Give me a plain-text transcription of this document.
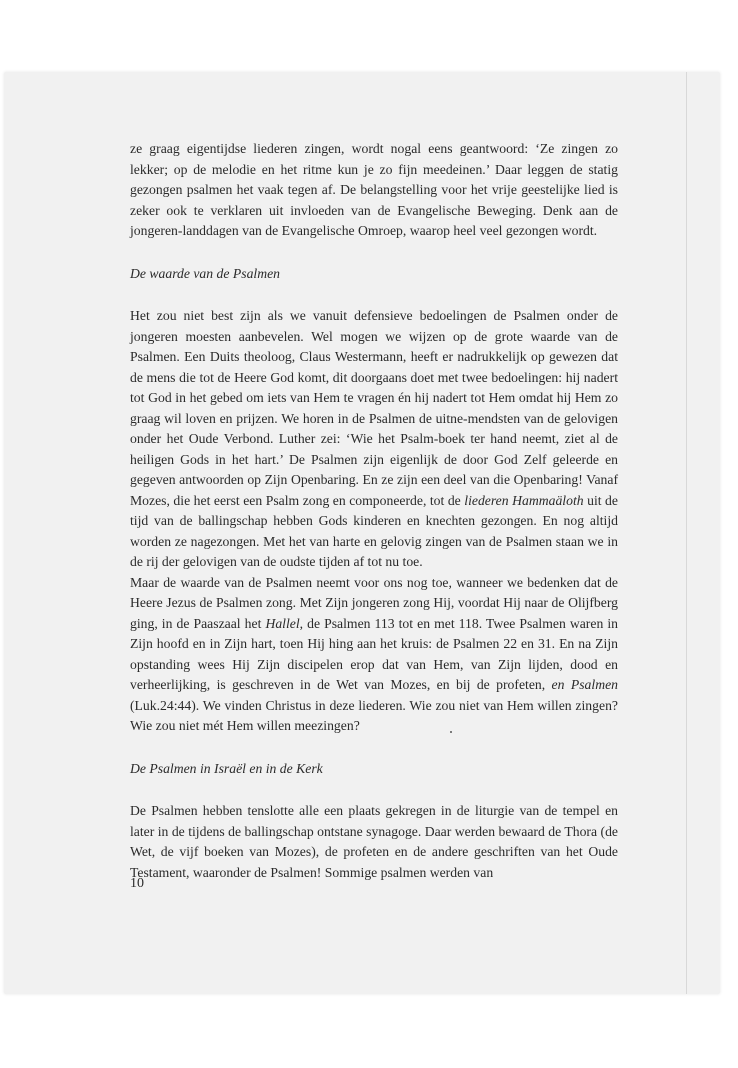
ze graag eigentijdse liederen zingen, wordt nogal eens geantwoord: ‘Ze zingen zo lekker; op de melodie en het ritme kun je zo fijn meedeinen.’ Daar leggen de statig gezongen psalmen het vaak tegen af. De belangstelling voor het vrije geestelijke lied is zeker ook te verklaren uit invloeden van de Evangelische Beweging. Denk aan de jongeren-landdagen van de Evangelische Omroep, waarop heel veel gezongen wordt.

De waarde van de Psalmen

Het zou niet best zijn als we vanuit defensieve bedoelingen de Psalmen onder de jongeren moesten aanbevelen. Wel mogen we wijzen op de grote waarde van de Psalmen. Een Duits theoloog, Claus Westermann, heeft er nadrukkelijk op gewezen dat de mens die tot de Heere God komt, dit doorgaans doet met twee bedoelingen: hij nadert tot God in het gebed om iets van Hem te vragen én hij nadert tot Hem omdat hij Hem zo graag wil loven en prijzen. We horen in de Psalmen de uitne-mendsten van de gelovigen onder het Oude Verbond. Luther zei: ‘Wie het Psalm-boek ter hand neemt, ziet al de heiligen Gods in het hart.’ De Psalmen zijn eigenlijk de door God Zelf geleerde en gegeven antwoorden op Zijn Openbaring. En ze zijn een deel van die Openbaring! Vanaf Mozes, die het eerst een Psalm zong en componeerde, tot de liederen Hammaäloth uit de tijd van de ballingschap hebben Gods kinderen en knechten gezongen. En nog altijd worden ze nagezongen. Met het van harte en gelovig zingen van de Psalmen staan we in de rij der gelovigen van de oudste tijden af tot nu toe.

Maar de waarde van de Psalmen neemt voor ons nog toe, wanneer we bedenken dat de Heere Jezus de Psalmen zong. Met Zijn jongeren zong Hij, voordat Hij naar de Olijfberg ging, in de Paaszaal het Hallel, de Psalmen 113 tot en met 118. Twee Psalmen waren in Zijn hoofd en in Zijn hart, toen Hij hing aan het kruis: de Psalmen 22 en 31. En na Zijn opstanding wees Hij Zijn discipelen erop dat van Hem, van Zijn lijden, dood en verheerlijking, is geschreven in de Wet van Mozes, en bij de profeten, en Psalmen (Luk.24:44). We vinden Christus in deze liederen. Wie zou niet van Hem willen zingen? Wie zou niet mét Hem willen meezingen?

De Psalmen in Israël en in de Kerk

De Psalmen hebben tenslotte alle een plaats gekregen in de liturgie van de tempel en later in de tijdens de ballingschap ontstane synagoge. Daar werden bewaard de Thora (de Wet, de vijf boeken van Mozes), de profeten en de andere geschriften van het Oude Testament, waaronder de Psalmen! Sommige psalmen werden van

10
